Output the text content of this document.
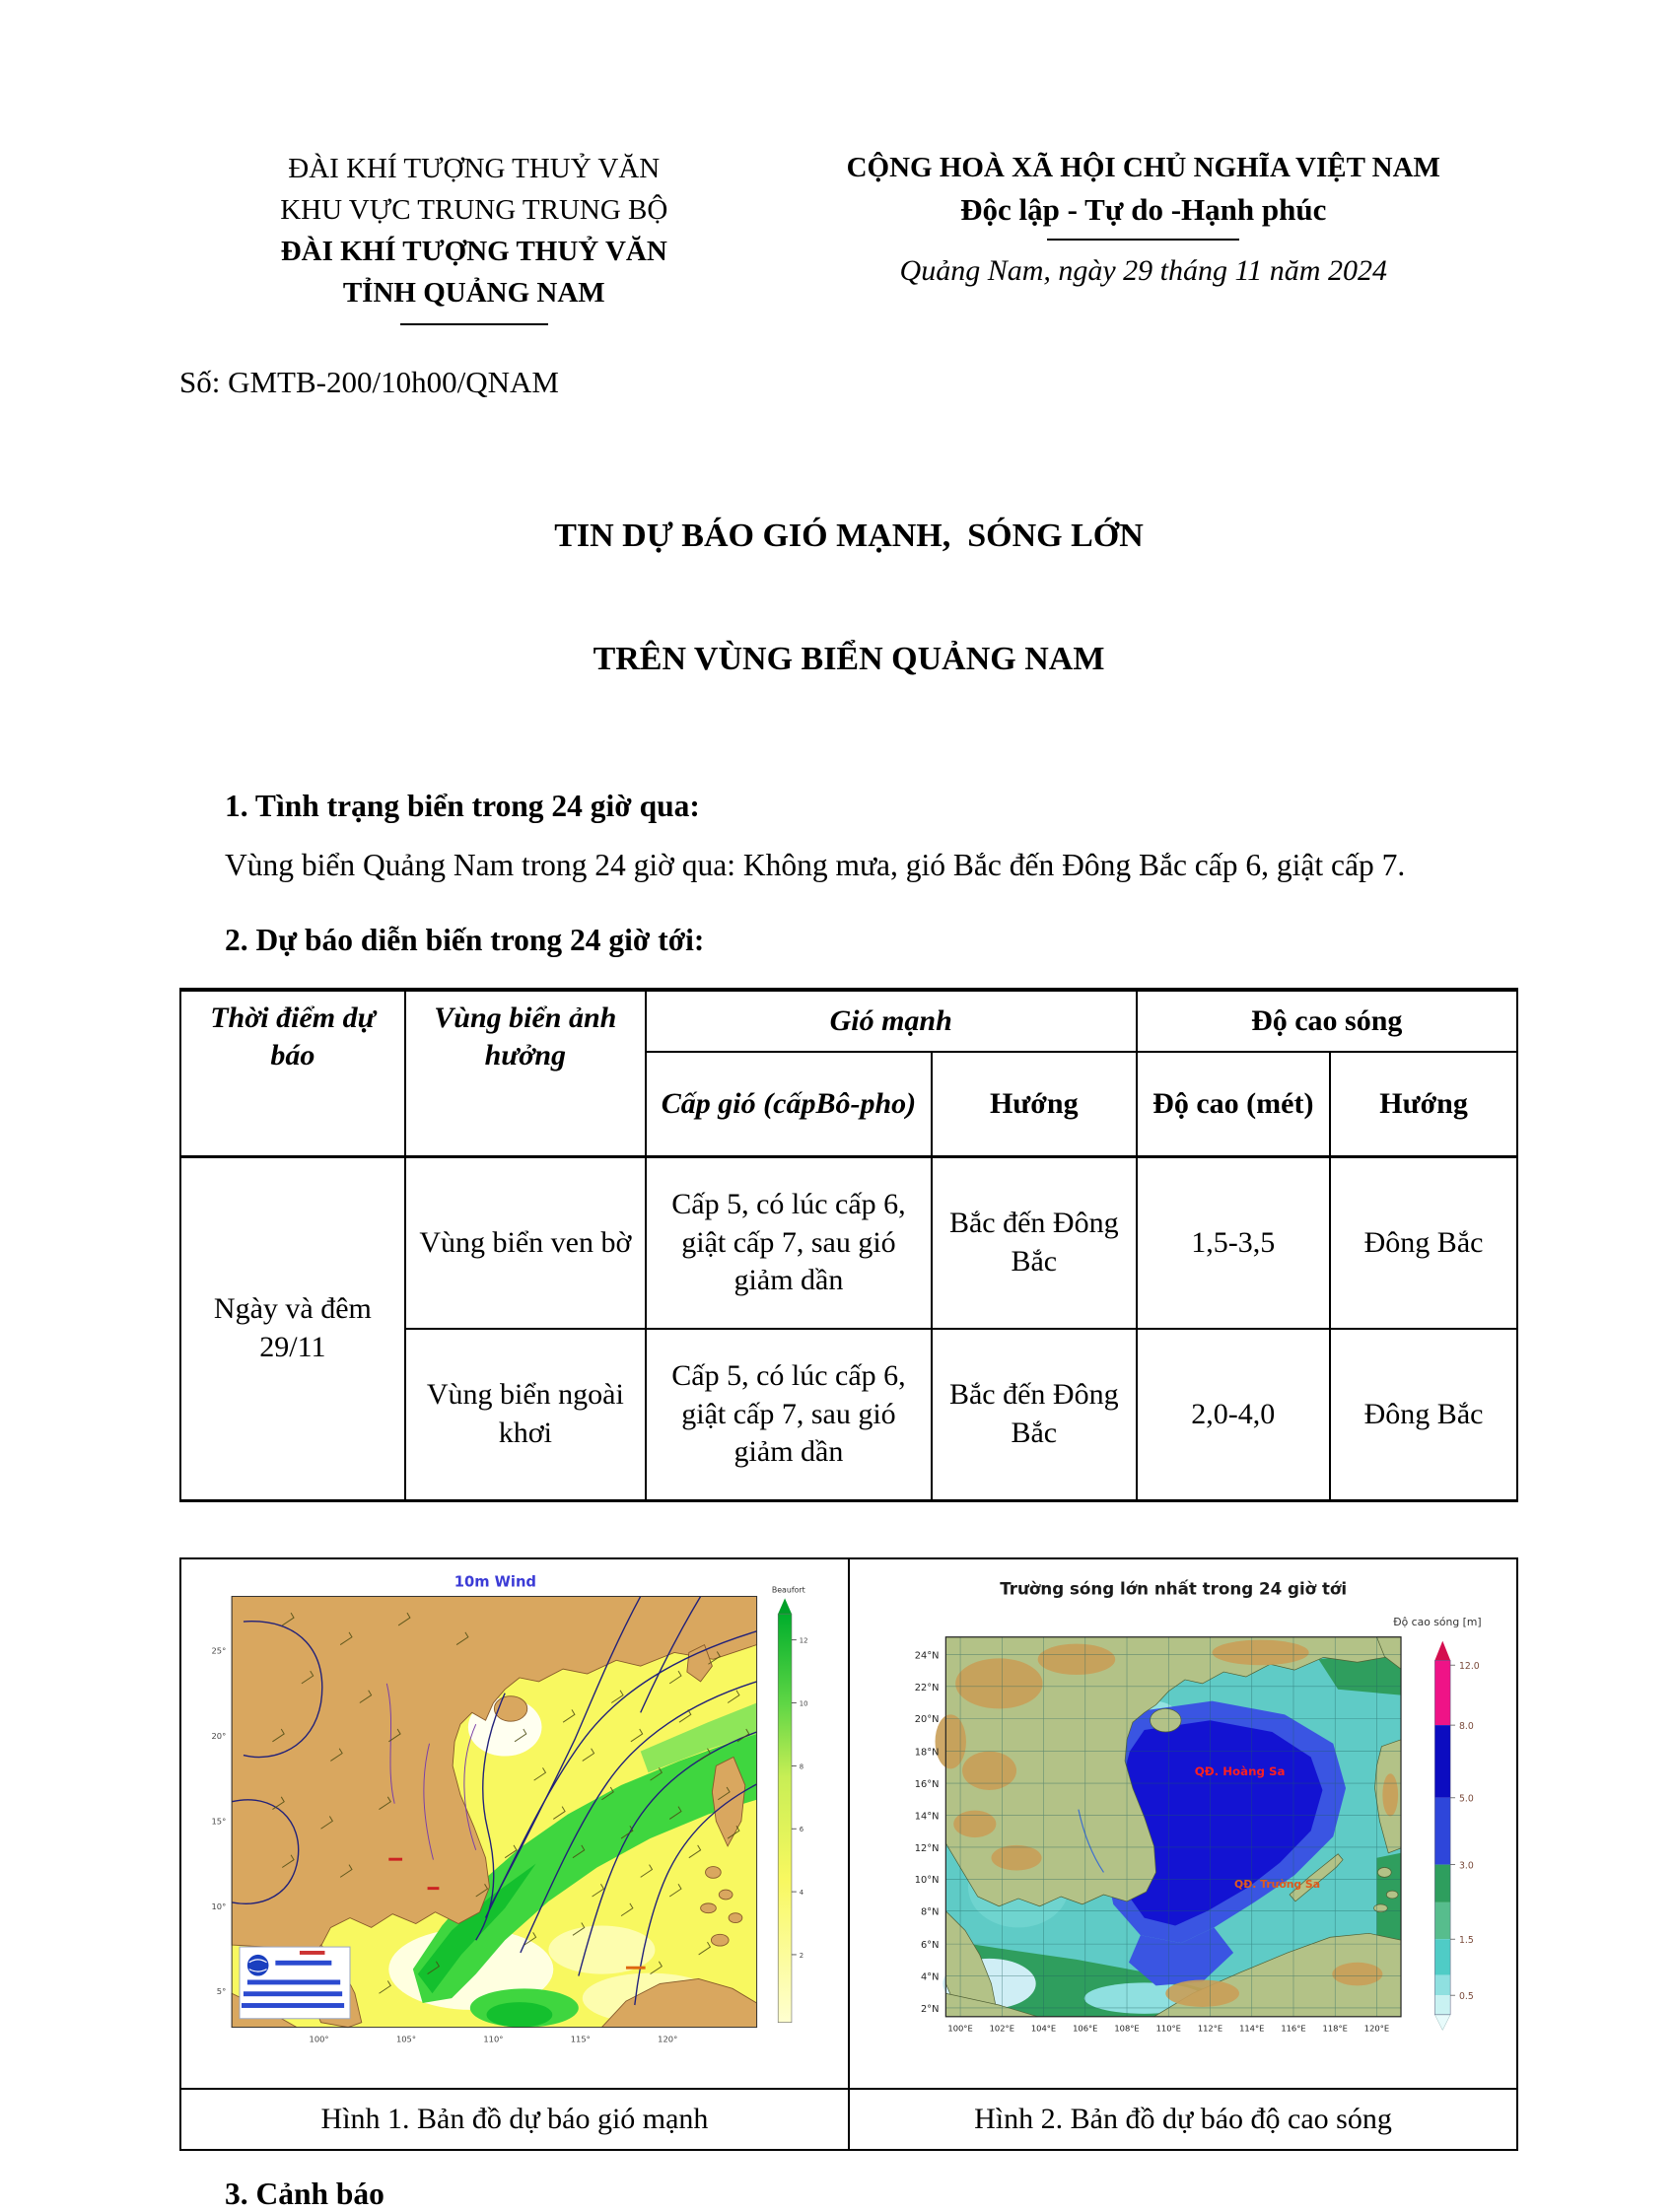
ĐÀI KHÍ TƯỢNG THUỶ VĂN
KHU VỰC TRUNG TRUNG BỘ
ĐÀI KHÍ TƯỢNG THUỶ VĂN
TỈNH QUẢNG NAM
CỘNG HOÀ XÃ HỘI CHỦ NGHĨA VIỆT NAM
Độc lập - Tự do -Hạnh phúc
Quảng Nam, ngày 29 tháng 11 năm 2024
Số: GMTB-200/10h00/QNAM

TIN DỰ BÁO GIÓ MẠNH,  SÓNG LỚN

TRÊN VÙNG BIỂN QUẢNG NAM

1. Tình trạng biển trong 24 giờ qua:
Vùng biển Quảng Nam trong 24 giờ qua: Không mưa, gió Bắc đến Đông Bắc cấp 6, giật cấp 7.
2. Dự báo diễn biến trong 24 giờ tới:
Thời điểm dự báo	Vùng biển ảnh hưởng	Gió mạnh		Độ cao sóng	
		Cấp gió (cấpBô-pho)	Hướng	Độ cao (mét)	Hướng
Ngày và đêm 29/11	Vùng biển ven bờ	Cấp 5, có lúc cấp 6, giật cấp 7, sau gió giảm dần	Bắc đến Đông Bắc	1,5-3,5	Đông Bắc
	Vùng biển ngoài khơi	Cấp 5, có lúc cấp 6, giật cấp 7, sau gió giảm dần	Bắc đến Đông Bắc	2,0-4,0	Đông Bắc
10m Wind
25°
20°
15°
10°
5°
100°	105°	110°	115°	120°
Beaufort
12
10
8
6
4
2

Trường sóng lớn nhất trong 24 giờ tới
Độ cao sóng [m]
QĐ. Hoàng Sa
QĐ. Trường Sa
24°N
22°N
20°N
18°N
16°N
14°N
12°N
10°N
8°N
6°N
4°N
2°N
100°E 102°E 104°E 106°E 108°E 110°E 112°E 114°E 116°E 118°E 120°E
12.0
8.0
5.0
3.0
1.5
0.5

Hình 1. Bản đồ dự báo gió mạnh	Hình 2. Bản đồ dự báo độ cao sóng
3. Cảnh báo
